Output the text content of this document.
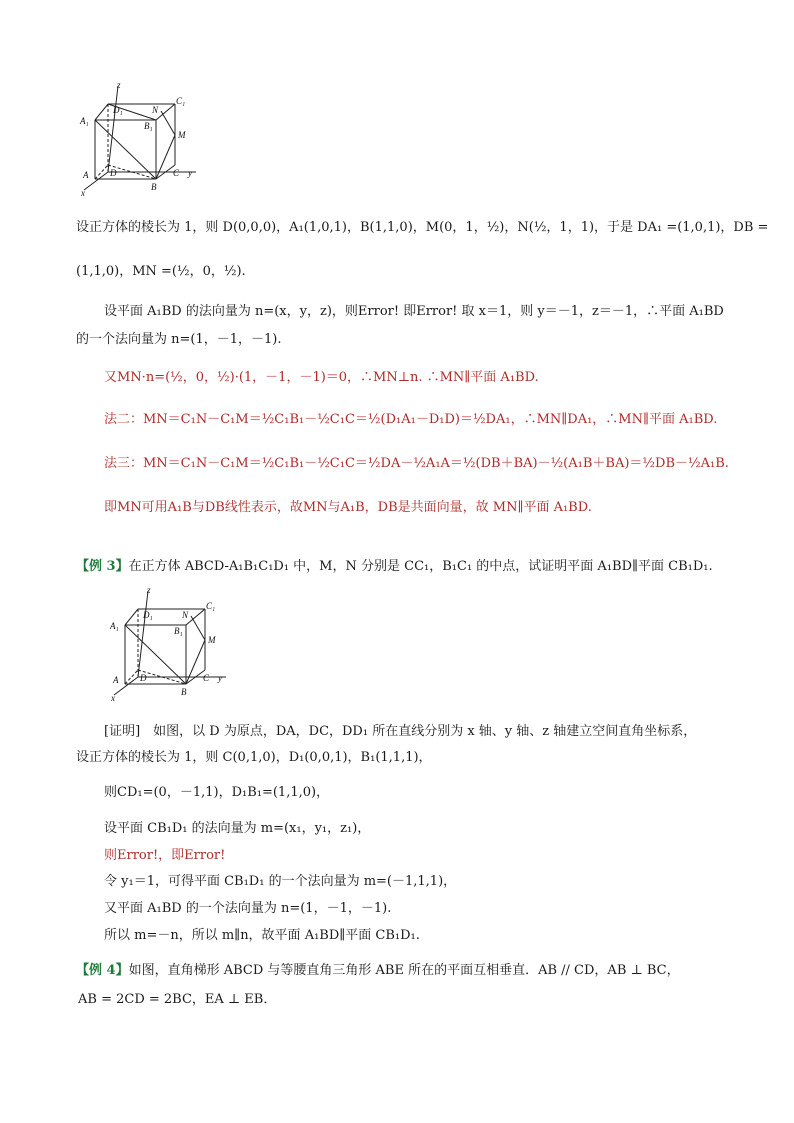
z
y
x
A₁
D₁	N
C₁
B₁
M
A D
B
C
设正方体的棱长为 1，则 D(0,0,0)，A₁(1,0,1)，B(1,1,0)，M(0，1，½)，N(½，1，1)，于是 DA₁ =(1,0,1)，DB =
(1,1,0)，MN =(½，0，½).
设平面 A₁BD 的法向量为 n=(x，y，z)，则Error! 即Error! 取 x＝1，则 y＝－1，z＝－1，∴平面 A₁BD
的一个法向量为 n=(1，－1，－1).
又MN·n=(½，0，½)·(1，－1，－1)＝0，∴MN⊥n. ∴MN∥平面 A₁BD.
法二：MN＝C₁N－C₁M＝½C₁B₁－½C₁C＝½(D₁A₁－D₁D)＝½DA₁，∴MN∥DA₁，∴MN∥平面 A₁BD.
法三：MN＝C₁N－C₁M＝½C₁B₁－½C₁C＝½DA－½A₁A＝½(DB＋BA)－½(A₁B＋BA)＝½DB－½A₁B.
即MN可用A₁B与DB线性表示，故MN与A₁B，DB是共面向量，故 MN∥平面 A₁BD.
【例 3】在正方体 ABCD-A₁B₁C₁D₁ 中，M，N 分别是 CC₁，B₁C₁ 的中点，试证明平面 A₁BD∥平面 CB₁D₁.
z
y
x
A₁
D₁	N
C₁
B₁
M
A D
B
C
[证明]　如图，以 D 为原点，DA，DC，DD₁ 所在直线分别为 x 轴、y 轴、z 轴建立空间直角坐标系，
设正方体的棱长为 1，则 C(0,1,0)，D₁(0,0,1)，B₁(1,1,1)，
则CD₁=(0，－1,1)，D₁B₁=(1,1,0)，
设平面 CB₁D₁ 的法向量为 m=(x₁，y₁，z₁)，
则Error!，即Error!
令 y₁＝1，可得平面 CB₁D₁ 的一个法向量为 m=(－1,1,1)，
又平面 A₁BD 的一个法向量为 n=(1，－1，－1).
所以 m=－n，所以 m∥n，故平面 A₁BD∥平面 CB₁D₁.
【例 4】如图，直角梯形 ABCD 与等腰直角三角形 ABE 所在的平面互相垂直．AB // CD，AB ⊥ BC，
AB = 2CD = 2BC，EA ⊥ EB．
